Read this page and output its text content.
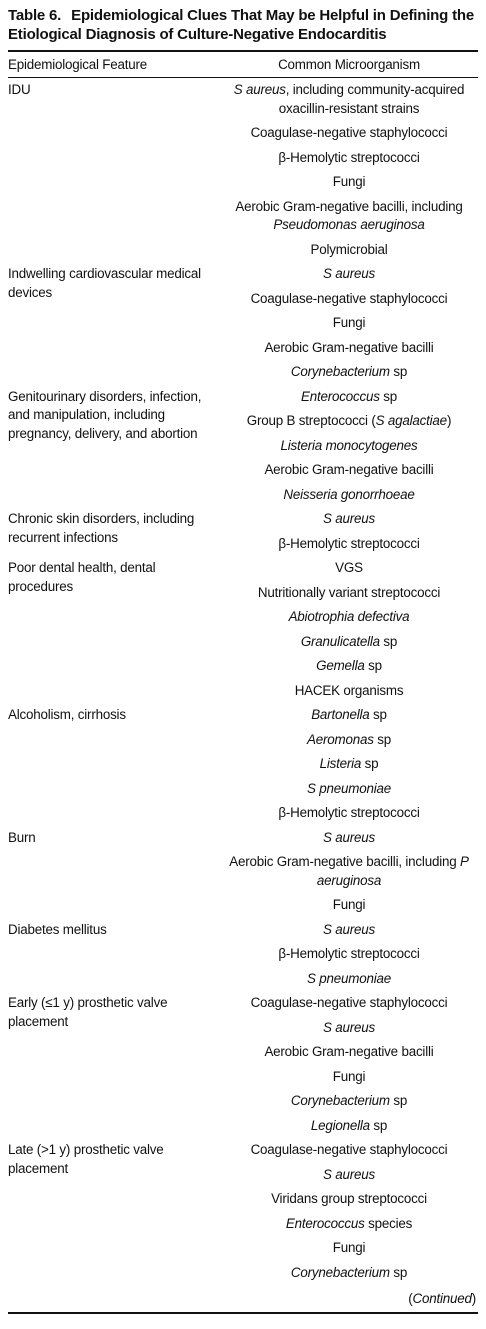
Table 6. Epidemiological Clues That May be Helpful in Defining the Etiological Diagnosis of Culture-Negative Endocarditis
Epidemiological Feature	Common Microorganism
IDU	S aureus, including community-acquired oxacillin-resistant strains
	Coagulase-negative staphylococci
	β-Hemolytic streptococci
	Fungi
	Aerobic Gram-negative bacilli, including Pseudomonas aeruginosa
	Polymicrobial
Indwelling cardiovascular medical devices	S aureus
	Coagulase-negative staphylococci
	Fungi
	Aerobic Gram-negative bacilli
	Corynebacterium sp
Genitourinary disorders, infection, and manipulation, including pregnancy, delivery, and abortion	Enterococcus sp
	Group B streptococci (S agalactiae)
	Listeria monocytogenes
	Aerobic Gram-negative bacilli
	Neisseria gonorrhoeae
Chronic skin disorders, including recurrent infections	S aureus
	β-Hemolytic streptococci
Poor dental health, dental procedures	VGS
	Nutritionally variant streptococci
	Abiotrophia defectiva
	Granulicatella sp
	Gemella sp
	HACEK organisms
Alcoholism, cirrhosis	Bartonella sp
	Aeromonas sp
	Listeria sp
	S pneumoniae
	β-Hemolytic streptococci
Burn	S aureus
	Aerobic Gram-negative bacilli, including P aeruginosa
	Fungi
Diabetes mellitus	S aureus
	β-Hemolytic streptococci
	S pneumoniae
Early (≤1 y) prosthetic valve placement	Coagulase-negative staphylococci
	S aureus
	Aerobic Gram-negative bacilli
	Fungi
	Corynebacterium sp
	Legionella sp
Late (>1 y) prosthetic valve placement	Coagulase-negative staphylococci
	S aureus
	Viridans group streptococci
	Enterococcus species
	Fungi
	Corynebacterium sp
(Continued)
